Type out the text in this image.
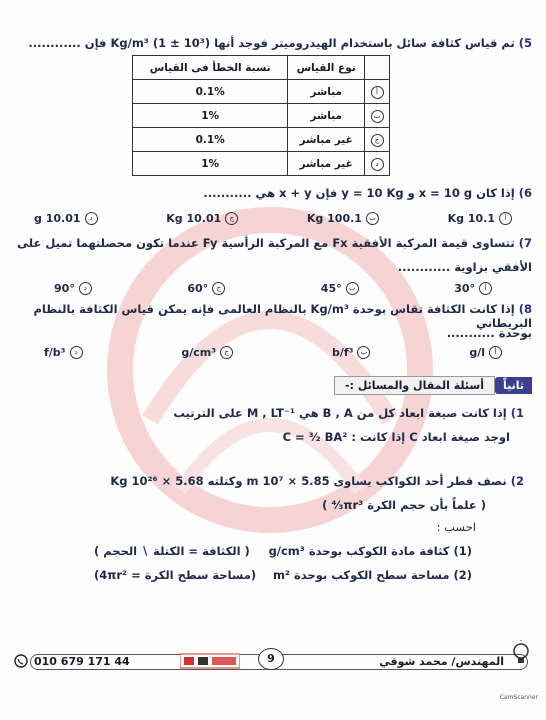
5) تم قياس كثافة سائل باستخدام الهيدروميتر فوجد أنها (10³ ± 1) Kg/m³ فإن ............
	نوع القياس	نسبة الخطأ فى القياس
أ	مباشر	0.1%
ب	مباشر	1%
ج	غير مباشر	0.1%
د	غير مباشر	1%
6) إذا كان x = 10 g و y = 10 Kg فإن x + y هي ...........
أ
10.1 Kg
ب
100.1 Kg
ج
10.01 Kg
د
10.01 g
7) تتساوى قيمة المركبة الأفقية Fx مع المركبة الرأسية Fy عندما تكون محصلتهما تميل على
الأفقي بزاوية ............
أ
30°
ب
45°
ج
60°
د
90°
8) إذا كانت الكثافة تقاس بوحدة Kg/m³ بالنظام العالمى فإنه يمكن قياس الكثافة بالنظام البريطاني
بوحدة ...........
أ
g/l
ب
b/f³
ج
g/cm³
د
f/b³
ثانياً
أسئلة المقال والمسائل :-
1) إذا كانت صيغة ابعاد كل من B , A هي M , LT⁻¹ على الترتيب
اوجد صيغة ابعاد C إذا كانت : C = ³⁄₂ BA²
2) نصف قطر أحد الكواكب يساوى 5.85 × 10⁷ m وكتلته 5.68 × 10²⁶ Kg
( علماً بأن حجم الكرة ⁴⁄₃πr³ )
احسب :
(1) كثافة مادة الكوكب بوحدة g/cm³
( الكثافة = الكتلة ∖ الحجم )
(2) مساحة سطح الكوكب بوحدة m²
(مساحة سطح الكرة = 4πr²)
010 679 171 44	9	المهندس/ محمد شوقي
CamScanner
